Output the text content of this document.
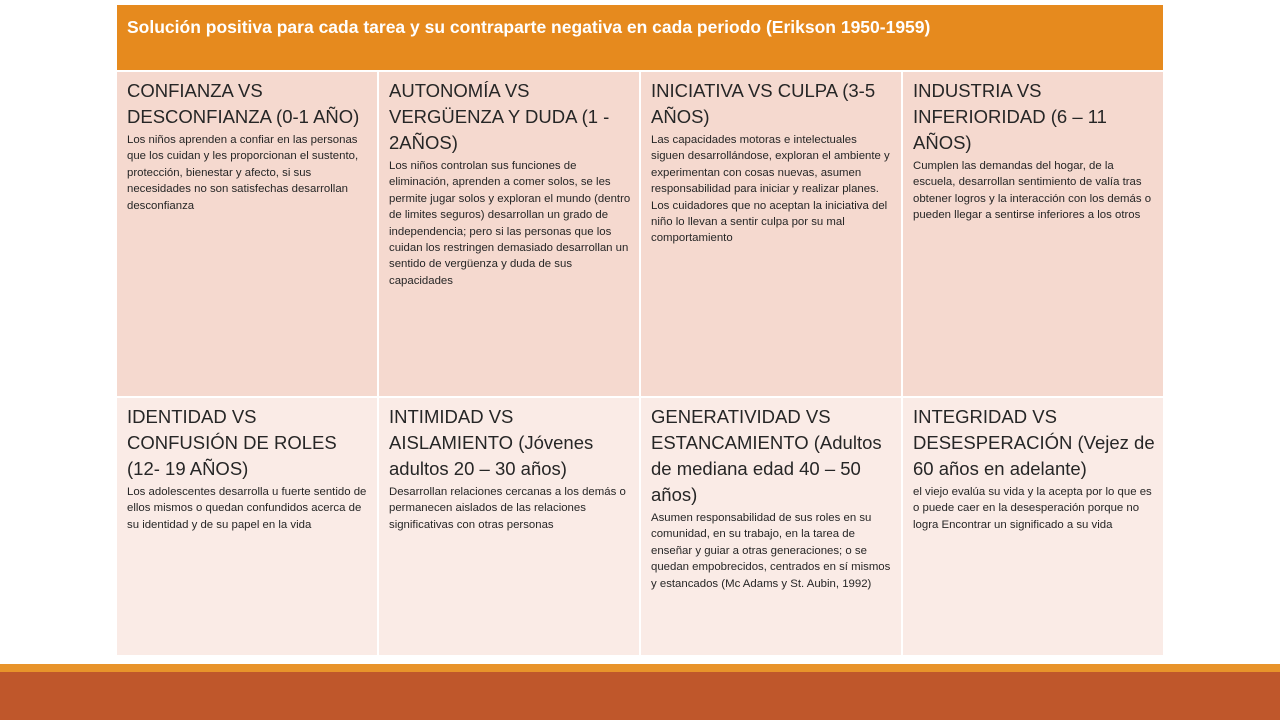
Solución positiva para cada tarea y su contraparte negativa en cada periodo (Erikson 1950-1959)
CONFIANZA VS DESCONFIANZA (0-1 AÑO)

Los niños aprenden a confiar en las personas que los cuidan y les proporcionan el sustento, protección, bienestar y afecto, si sus necesidades no son satisfechas desarrollan desconfianza

AUTONOMÍA VS VERGÜENZA Y DUDA (1 - 2AÑOS)

Los niños controlan sus funciones de eliminación, aprenden a comer solos, se les permite jugar solos y exploran el mundo (dentro de limites seguros) desarrollan un grado de independencia; pero si las personas que los cuidan los restringen demasiado desarrollan un sentido de vergüenza y duda de sus capacidades

INICIATIVA VS CULPA (3-5 AÑOS)

Las capacidades motoras e intelectuales siguen desarrollándose, exploran el ambiente y experimentan con cosas nuevas, asumen responsabilidad para iniciar y realizar planes. Los cuidadores que no aceptan la iniciativa del niño lo llevan a sentir culpa por su mal comportamiento

INDUSTRIA VS INFERIORIDAD (6 – 11 AÑOS)

Cumplen las demandas del hogar, de la escuela, desarrollan sentimiento de valía tras obtener logros y la interacción con los demás o pueden llegar a sentirse inferiores a los otros

IDENTIDAD VS CONFUSIÓN DE ROLES (12- 19 AÑOS)

Los adolescentes desarrolla u fuerte sentido de ellos mismos o quedan confundidos acerca de su identidad y de su papel en la vida

INTIMIDAD VS AISLAMIENTO (Jóvenes adultos 20 – 30 años)

Desarrollan relaciones cercanas a los demás o permanecen aislados de las relaciones significativas con otras personas

GENERATIVIDAD VS ESTANCAMIENTO (Adultos de mediana edad 40 – 50 años)

Asumen responsabilidad de sus roles en su comunidad, en su trabajo, en la tarea de enseñar y guiar a otras generaciones; o se quedan empobrecidos, centrados en sí mismos y estancados (Mc Adams y St. Aubin, 1992)

INTEGRIDAD VS DESESPERACIÓN (Vejez de 60 años en adelante)

el viejo evalúa su vida y la acepta por lo que es o puede caer en la desesperación porque no logra Encontrar un significado a su vida
